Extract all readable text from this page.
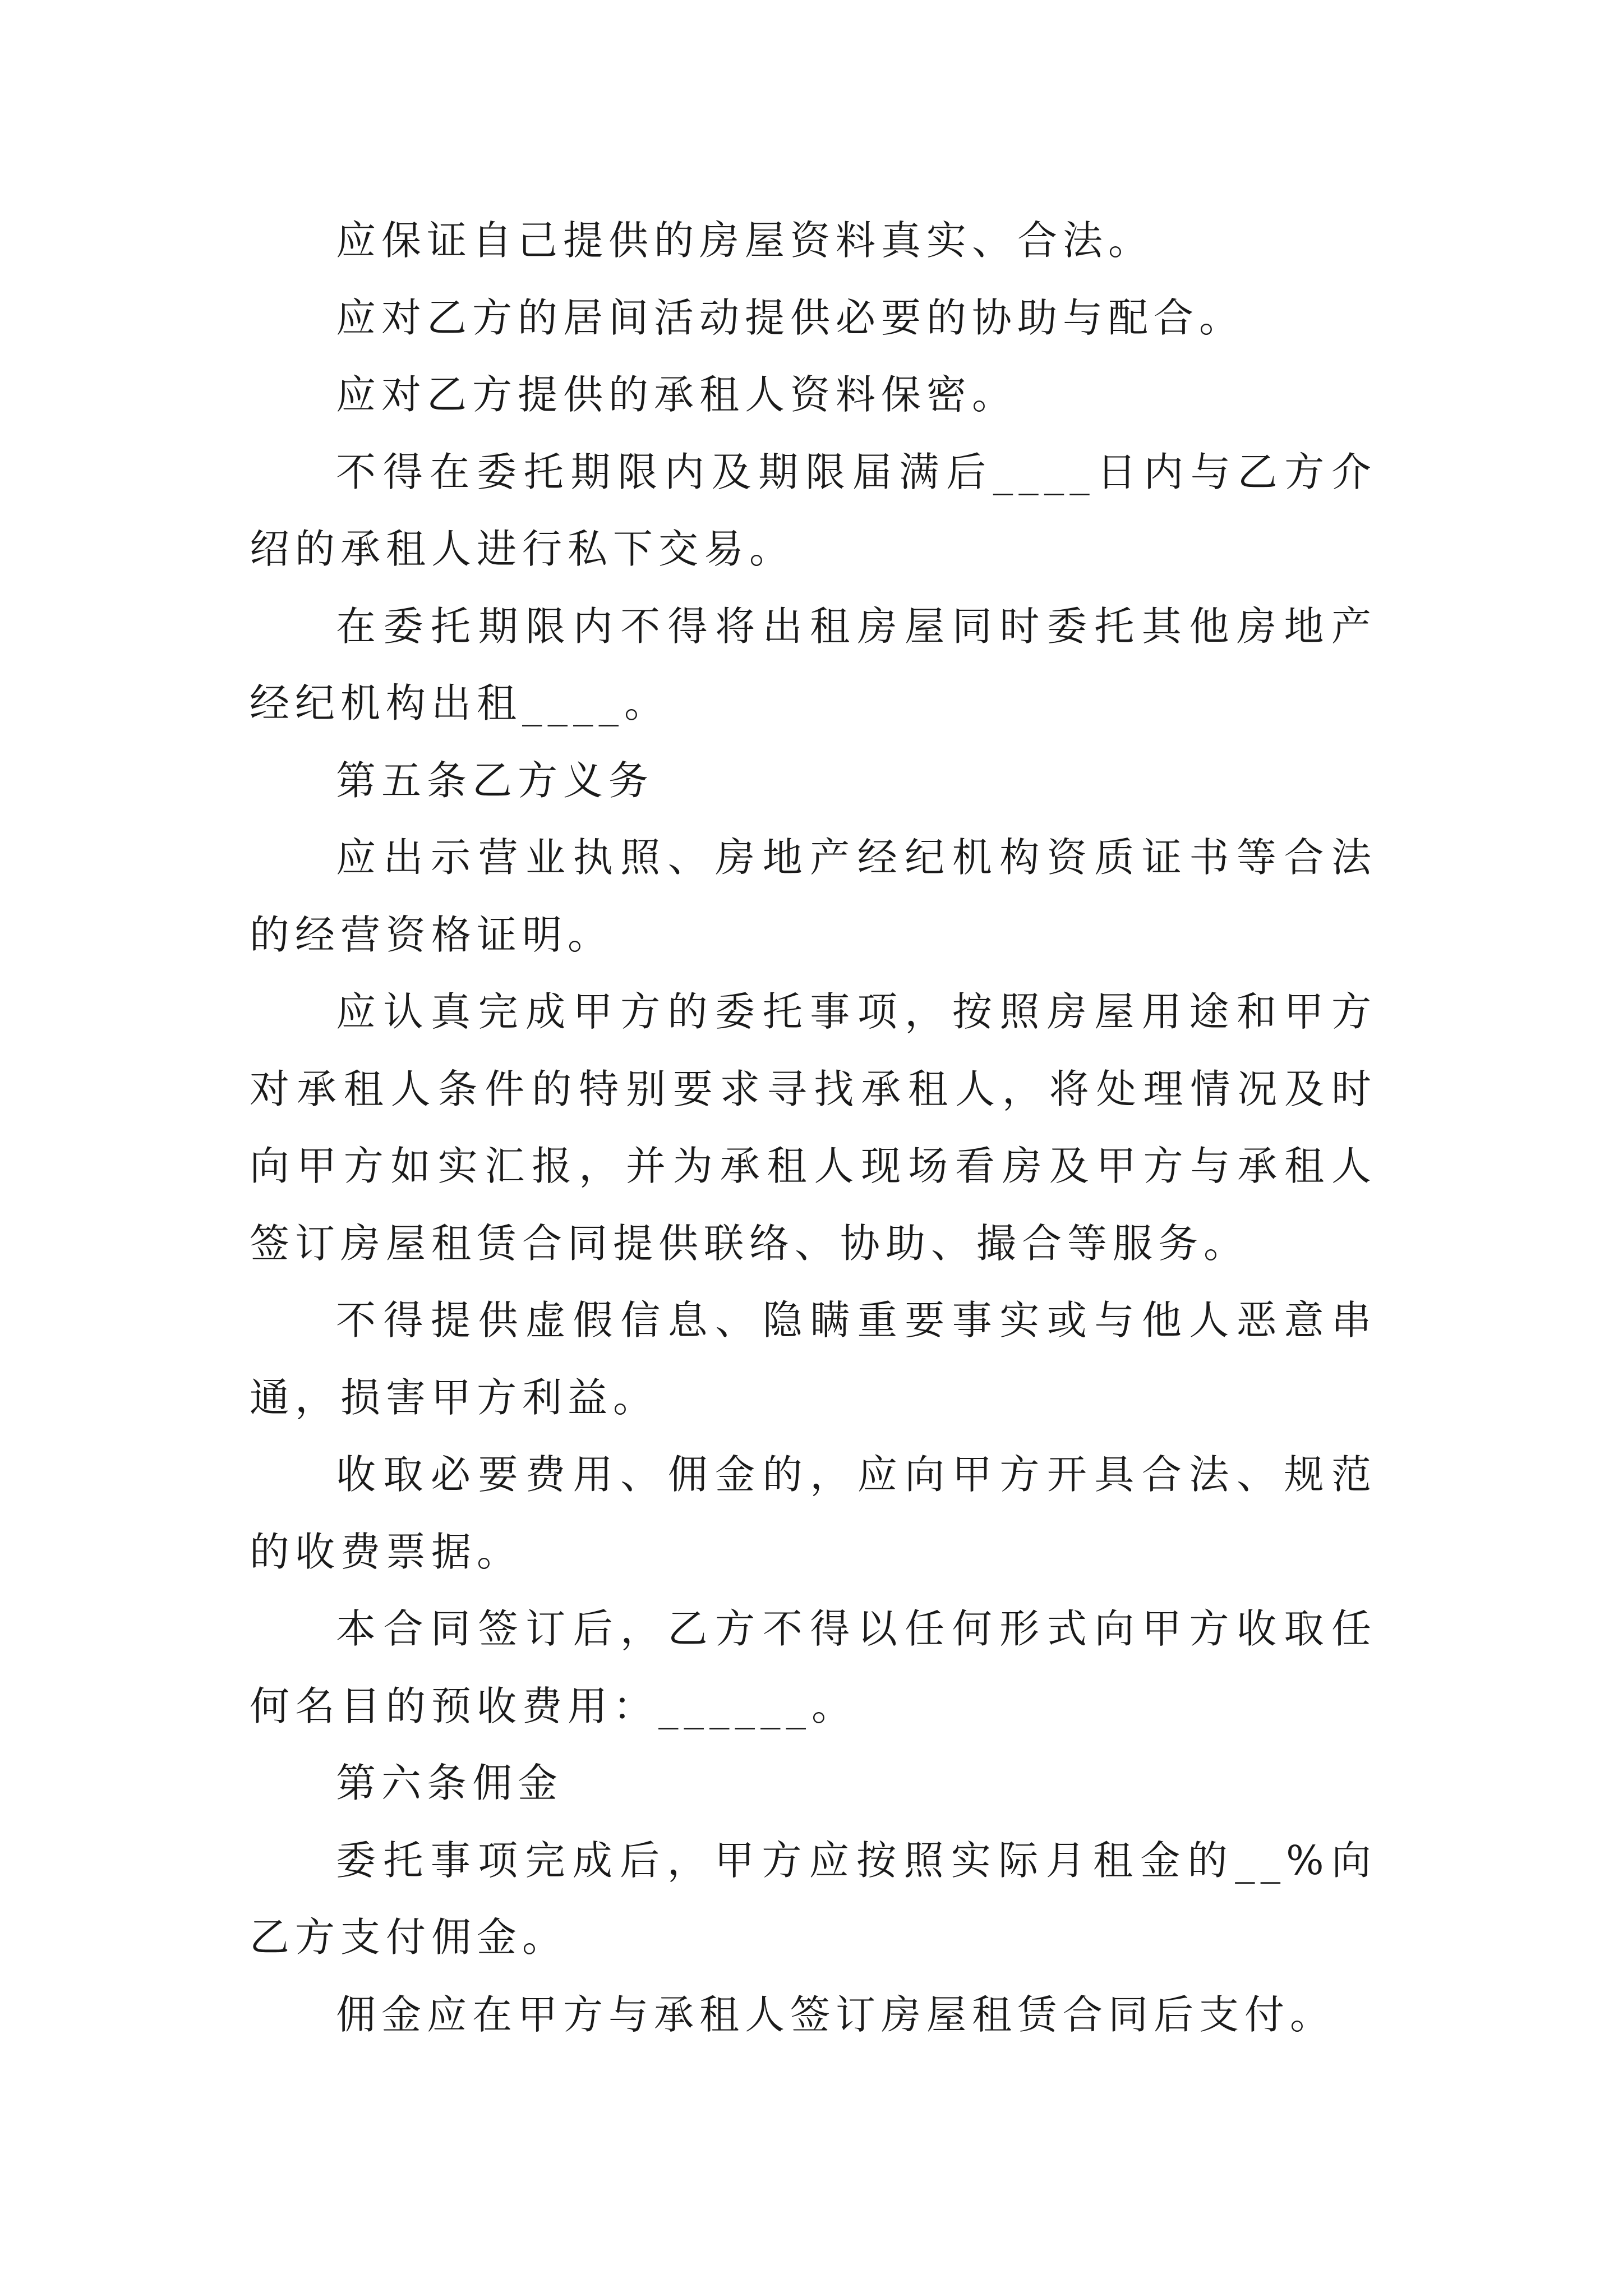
应保证自己提供的房屋资料真实、合法。

应对乙方的居间活动提供必要的协助与配合。

应对乙方提供的承租人资料保密。

不得在委托期限内及期限届满后____日内与乙方介绍的承租人进行私下交易。

在委托期限内不得将出租房屋同时委托其他房地产经纪机构出租____。

第五条乙方义务

应出示营业执照、房地产经纪机构资质证书等合法的经营资格证明。

应认真完成甲方的委托事项，按照房屋用途和甲方对承租人条件的特别要求寻找承租人，将处理情况及时向甲方如实汇报，并为承租人现场看房及甲方与承租人签订房屋租赁合同提供联络、协助、撮合等服务。

不得提供虚假信息、隐瞒重要事实或与他人恶意串通，损害甲方利益。

收取必要费用、佣金的，应向甲方开具合法、规范的收费票据。

本合同签订后，乙方不得以任何形式向甲方收取任何名目的预收费用：______。

第六条佣金

委托事项完成后，甲方应按照实际月租金的__%向乙方支付佣金。

佣金应在甲方与承租人签订房屋租赁合同后支付。
